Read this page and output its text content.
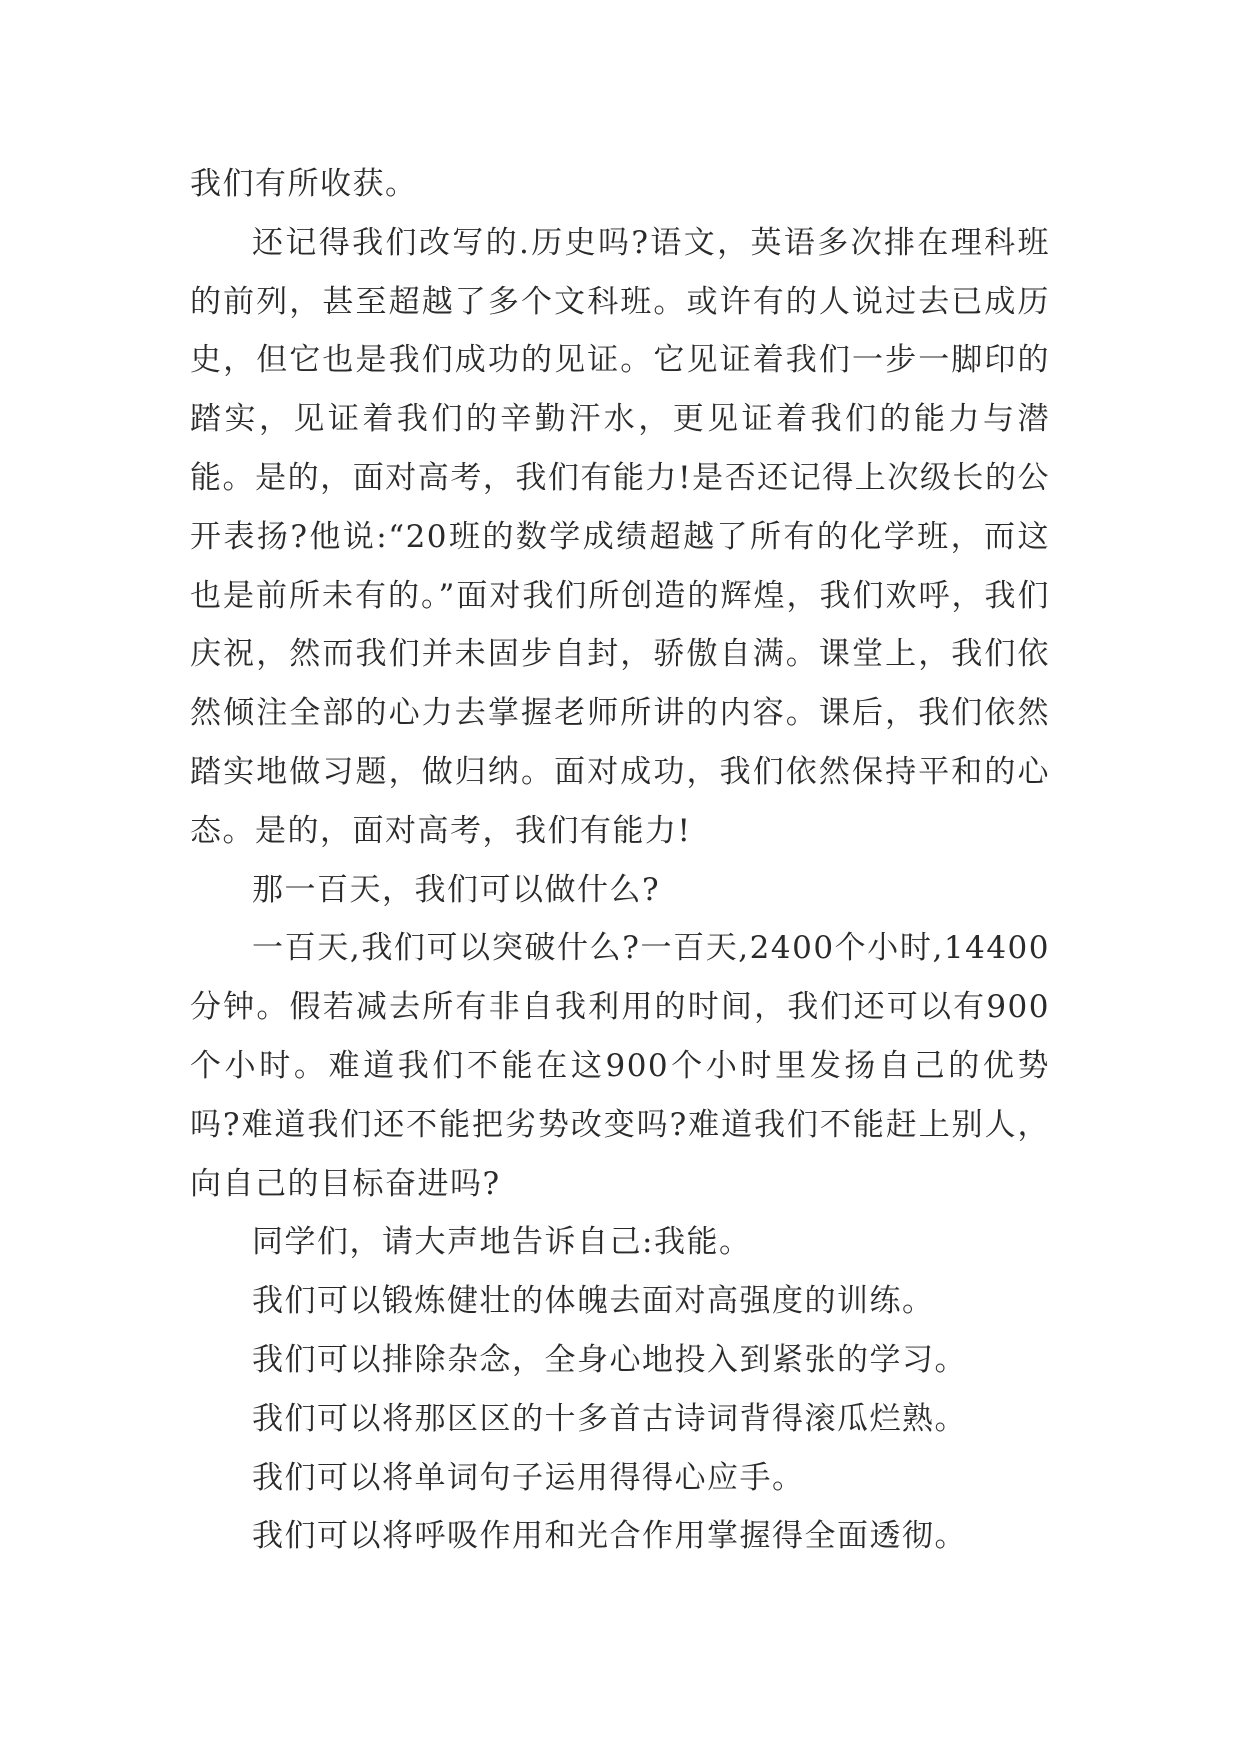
我们有所收获。

还记得我们改写的.历史吗?语文，英语多次排在理科班的前列，甚至超越了多个文科班。或许有的人说过去已成历史，但它也是我们成功的见证。它见证着我们一步一脚印的踏实，见证着我们的辛勤汗水，更见证着我们的能力与潜能。是的，面对高考，我们有能力!是否还记得上次级长的公开表扬?他说:“20班的数学成绩超越了所有的化学班，而这也是前所未有的。”面对我们所创造的辉煌，我们欢呼，我们庆祝，然而我们并未固步自封，骄傲自满。课堂上，我们依然倾注全部的心力去掌握老师所讲的内容。课后，我们依然踏实地做习题，做归纳。面对成功，我们依然保持平和的心态。是的，面对高考，我们有能力!

那一百天，我们可以做什么?

一百天,我们可以突破什么?一百天,2400个小时,14400分钟。假若减去所有非自我利用的时间，我们还可以有900个小时。难道我们不能在这900个小时里发扬自己的优势吗?难道我们还不能把劣势改变吗?难道我们不能赶上别人，向自己的目标奋进吗?

同学们，请大声地告诉自己:我能。

我们可以锻炼健壮的体魄去面对高强度的训练。

我们可以排除杂念，全身心地投入到紧张的学习。

我们可以将那区区的十多首古诗词背得滚瓜烂熟。

我们可以将单词句子运用得得心应手。

我们可以将呼吸作用和光合作用掌握得全面透彻。
